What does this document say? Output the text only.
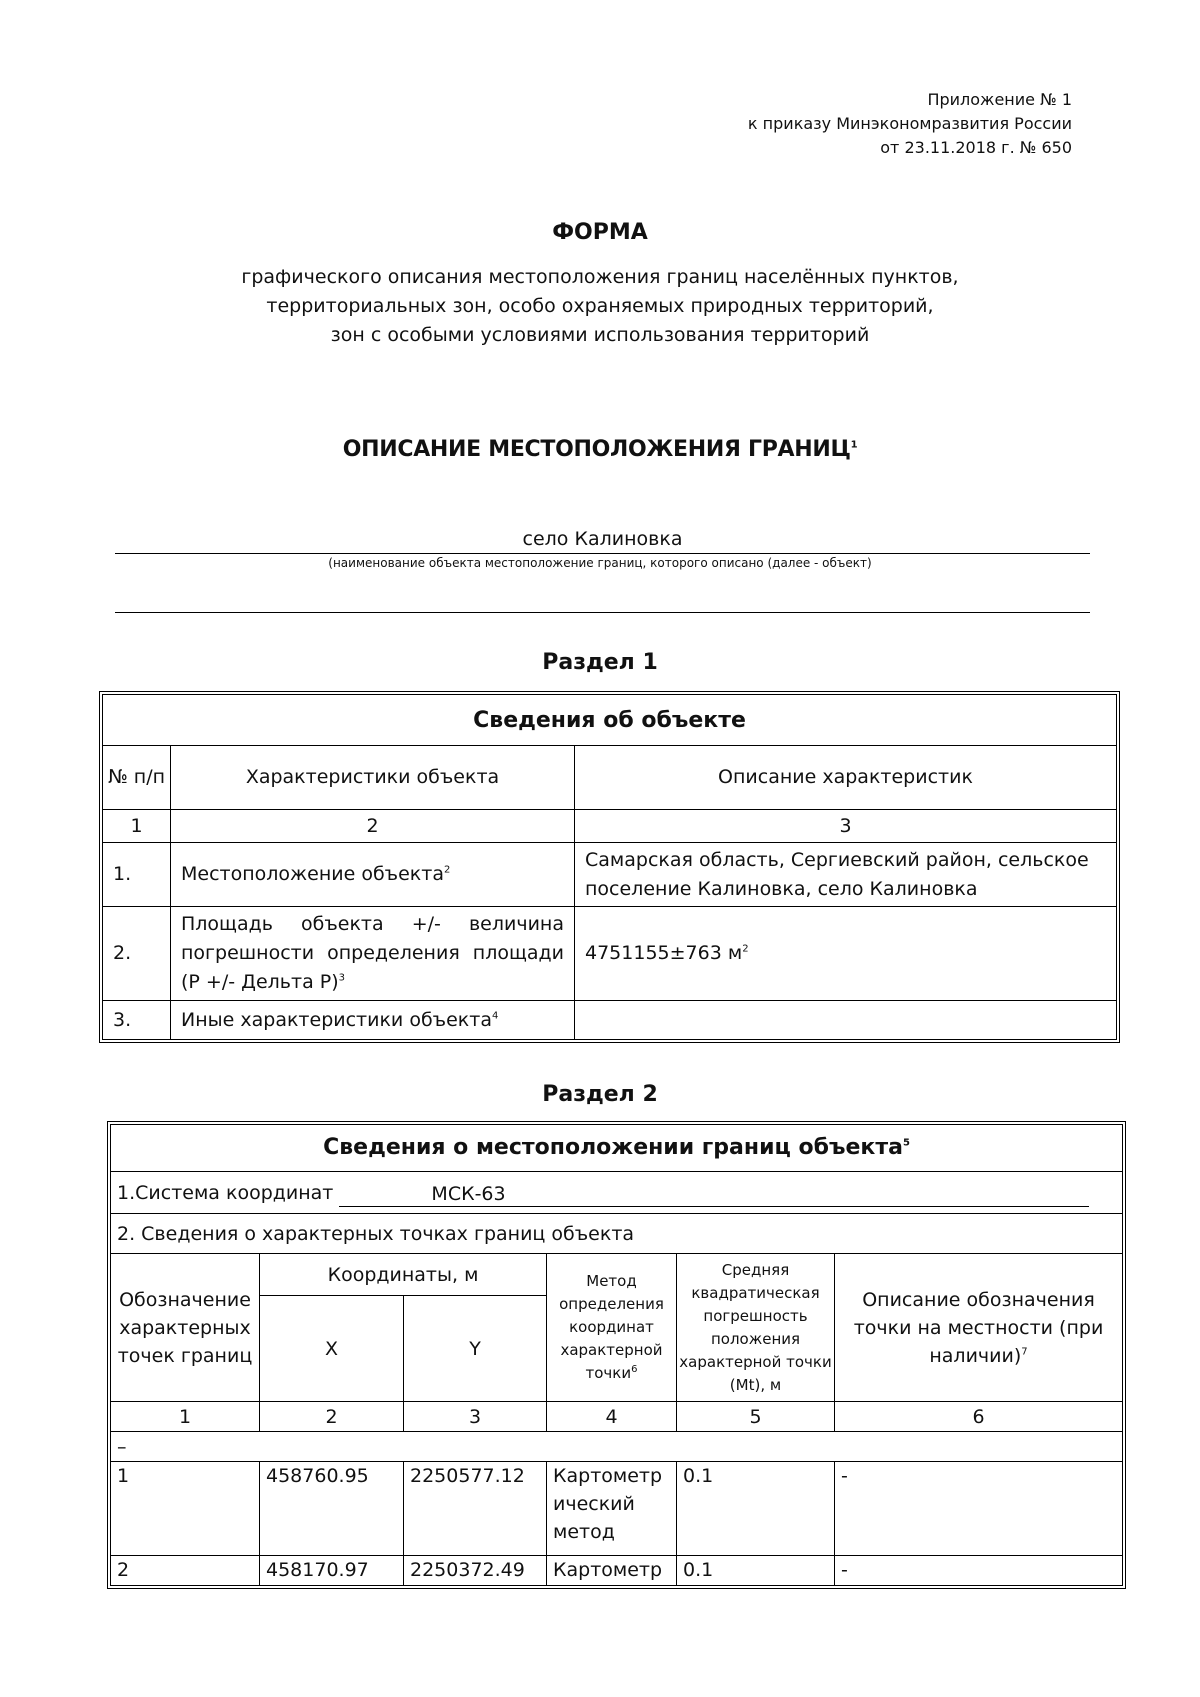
Приложение № 1
к приказу Минэкономразвития России
от 23.11.2018 г. № 650
ФОРМА
графического описания местоположения границ населённых пунктов,
территориальных зон, особо охраняемых природных территорий,
зон с особыми условиями использования территорий
ОПИСАНИЕ МЕСТОПОЛОЖЕНИЯ ГРАНИЦ$^1$
село Калиновка
(наименование объекта местоположение границ, которого описано (далее - объект)
Раздел 1
Сведения об объекте		
№ п/п	Характеристики объекта	Описание характеристик
1	2	3
1.	Местоположение объекта$^2$	Самарская область, Сергиевский район, сельское поселение Калиновка, село Калиновка
2.	Площадь объекта +/- величина погрешности определения площади (P +/- Дельта P)$^3$	4751155±763 $м^2$
3.	Иные характеристики объекта$^4$	
Раздел 2
Сведения о местоположении границ объекта$^5$
1.Система координат МСК-63					
2. Сведения о характерных точках границ объекта					
Обозначение характерных точек границ	Координаты, м		Метод определения координат характерной точки$^6$	Средняя квадратическая погрешность положения характерной точки (Mt), м	Описание обозначения точки на местности (при наличии)$^7$
	X	Y			
1	2	3	4	5	6
–					
1	458760.95	2250577.12	Картометр ический метод	0.1	-
2	458170.97	2250372.49	Картометр	0.1	-
